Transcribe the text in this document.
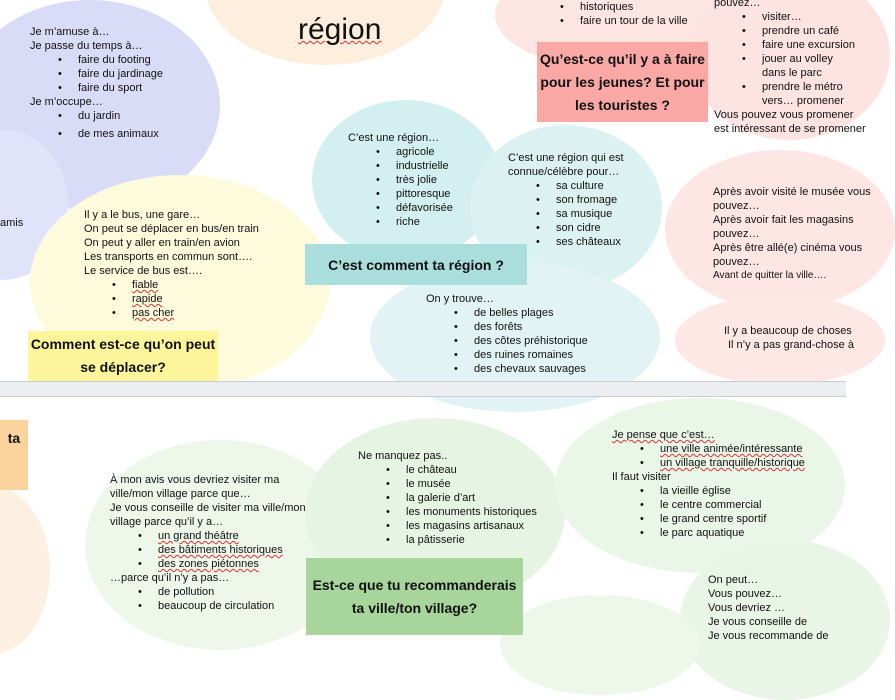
région
Je m’amuse à…
Je passe du temps à…
• faire du footing
• faire du jardinage
• faire du sport
Je m’occupe…
• du jardin
• de mes animaux
amis
• historiques
• faire un tour de la ville
pouvez…
• visiter…
• prendre un café
• faire une excursion
• jouer au volley dans le parc
• prendre le métro vers… promener
Vous pouvez vous promener
est intéressant de se promener
Qu’est-ce qu’il y a à faire pour les jeunes? Et pour les touristes ?
C’est une région…
• agricole
• industrielle
• très jolie
• pittoresque
• défavorisée
• riche
C’est une région qui est
connue/célèbre pour…
• sa culture
• son fromage
• sa musique
• son cidre
• ses châteaux
Après avoir visité le musée vous
pouvez…
Après avoir fait les magasins
pouvez…
Après être allé(e) cinéma vous
pouvez…
Avant de quitter la ville….
Il y a le bus, une gare…
On peut se déplacer en bus/en train
On peut y aller en train/en avion
Les transports en commun sont….
Le service de bus est….
• fiable
• rapide
• pas cher
C’est comment ta région ?
On y trouve…
• de belles plages
• des forêts
• des côtes préhistorique
• des ruines romaines
• des chevaux sauvages
Il y a beaucoup de choses
Il n’y a pas grand-chose à
Comment est-ce qu’on peut se déplacer?
ta
À mon avis vous devriez visiter ma
ville/mon village parce que…
Je vous conseille de visiter ma ville/mon
village parce qu’il y a…
• un grand théâtre
• des bâtiments historiques
• des zones piétonnes
…parce qu’il n’y a pas…
• de pollution
• beaucoup de circulation
Ne manquez pas..
• le château
• le musée
• la galerie d’art
• les monuments historiques
• les magasins artisanaux
• la pâtisserie
Est-ce que tu recommanderais ta ville/ton village?
Je pense que c’est…
• une ville animée/intéressante
• un village tranquille/historique
Il faut visiter
• la vieille église
• le centre commercial
• le grand centre sportif
• le parc aquatique
On peut…
Vous pouvez…
Vous devriez …
Je vous conseille de
Je vous recommande de
